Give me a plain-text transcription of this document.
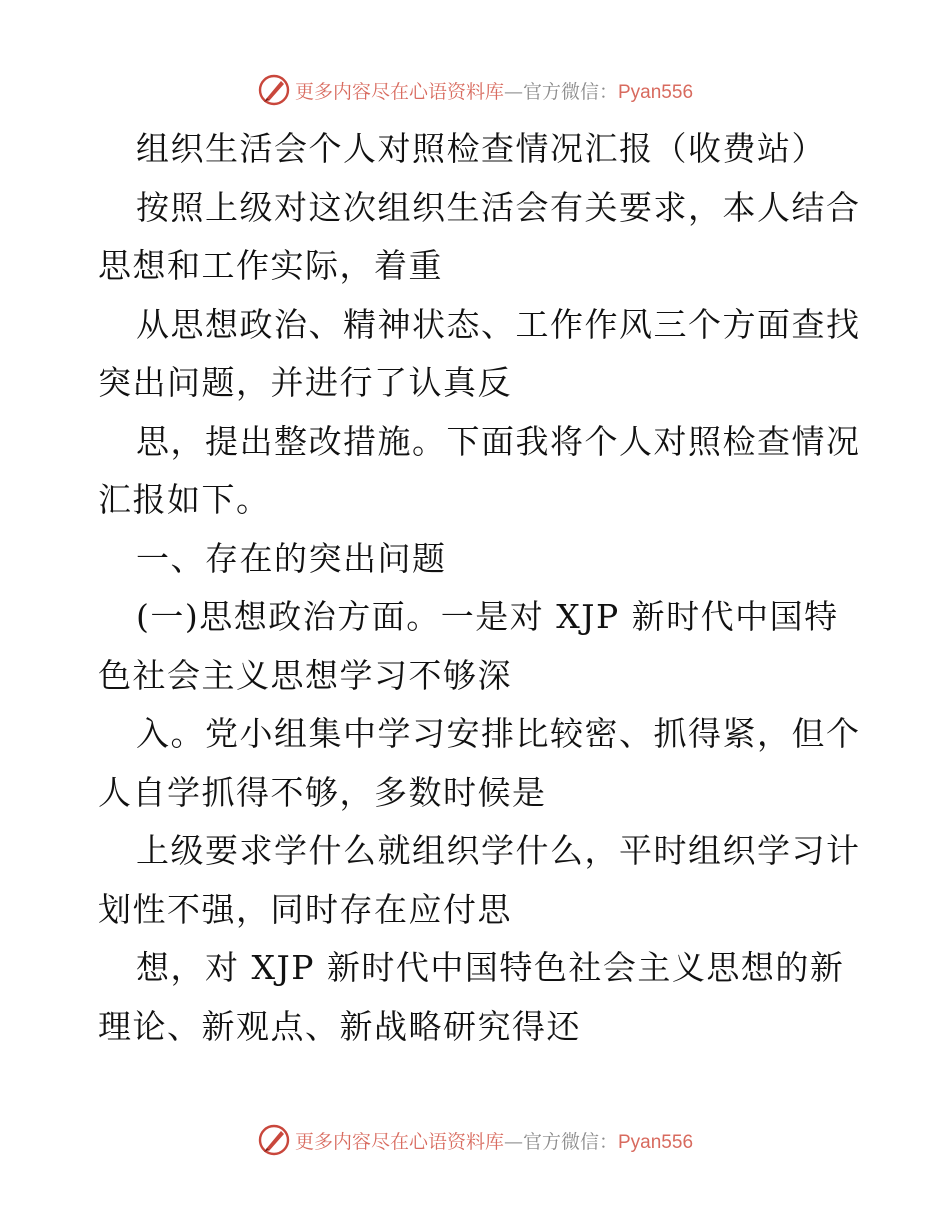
更多内容尽在心语资料库—官方微信：Pyan556
组织生活会个人对照检查情况汇报（收费站）
按照上级对这次组织生活会有关要求，本人结合
思想和工作实际，着重
从思想政治、精神状态、工作作风三个方面查找
突出问题，并进行了认真反
思，提出整改措施。下面我将个人对照检查情况
汇报如下。
一、存在的突出问题
(一)思想政治方面。一是对 XJP 新时代中国特
色社会主义思想学习不够深
入。党小组集中学习安排比较密、抓得紧，但个
人自学抓得不够，多数时候是
上级要求学什么就组织学什么，平时组织学习计
划性不强，同时存在应付思
想，对 XJP 新时代中国特色社会主义思想的新
理论、新观点、新战略研究得还
更多内容尽在心语资料库—官方微信：Pyan556
